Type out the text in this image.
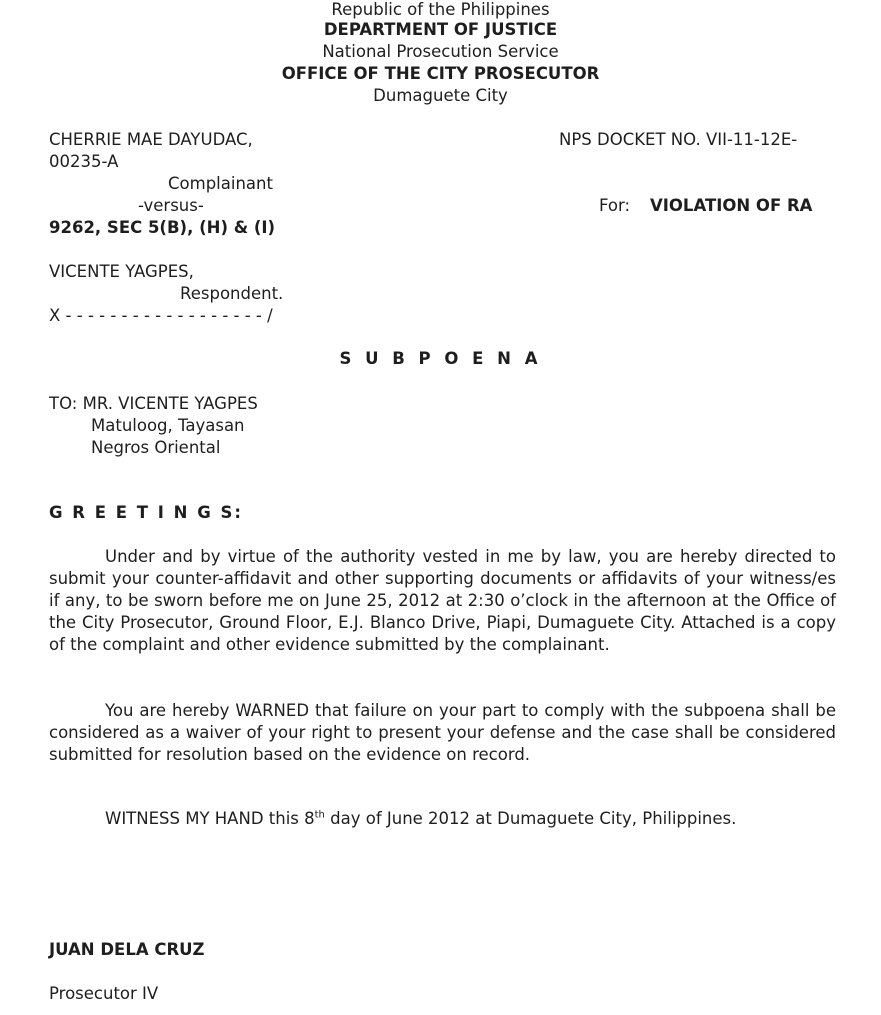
Republic of the Philippines

DEPARTMENT OF JUSTICE

National Prosecution Service

OFFICE OF THE CITY PROSECUTOR

Dumaguete City

CHERRIE MAE DAYUDAC,	NPS DOCKET NO. VII-11-12E-

00235-A

Complainant

-versus-	For: VIOLATION OF RA

9262, SEC 5(B), (H) & (I)

VICENTE YAGPES,

Respondent.

X - - - - - - - - - - - - - - - - - - /

S U B P O E N A

TO: MR. VICENTE YAGPES

Matuloog, Tayasan

Negros Oriental

G R E E T I N G S:

Under and by virtue of the authority vested in me by law, you are hereby directed to submit your counter-affidavit and other supporting documents or affidavits of your witness/es if any, to be sworn before me on June 25, 2012 at 2:30 o’clock in the afternoon at the Office of the City Prosecutor, Ground Floor, E.J. Blanco Drive, Piapi, Dumaguete City. Attached is a copy of the complaint and other evidence submitted by the complainant.

You are hereby WARNED that failure on your part to comply with the subpoena shall be considered as a waiver of your right to present your defense and the case shall be considered submitted for resolution based on the evidence on record.

WITNESS MY HAND this 8th day of June 2012 at Dumaguete City, Philippines.

JUAN DELA CRUZ

Prosecutor IV
